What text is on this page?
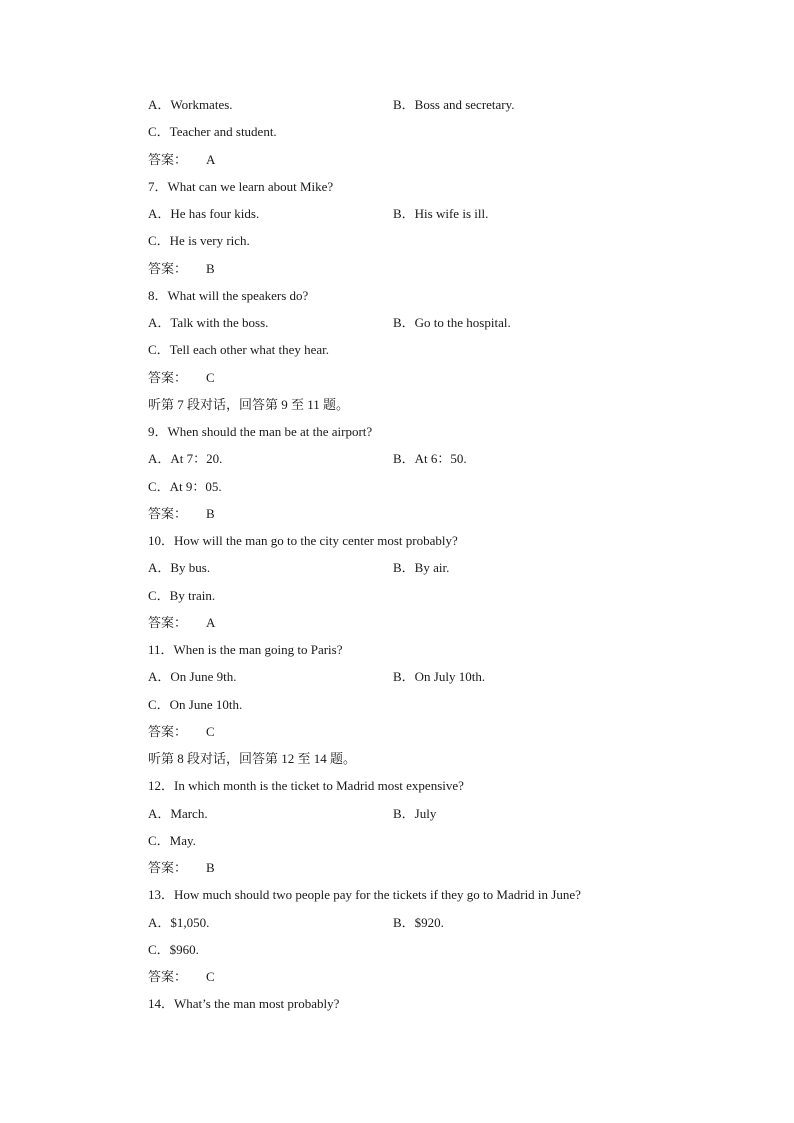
A．Workmates.	B．Boss and secretary.
C．Teacher and student.
答案： A
7．What can we learn about Mike?
A．He has four kids.	B．His wife is ill.
C．He is very rich.
答案： B
8．What will the speakers do?
A．Talk with the boss.	B．Go to the hospital.
C．Tell each other what they hear.
答案： C
听第 7 段对话，回答第 9 至 11 题。
9．When should the man be at the airport?
A．At 7：20.	B．At 6：50.
C．At 9：05.
答案： B
10．How will the man go to the city center most probably?
A．By bus.	B．By air.
C．By train.
答案： A
11．When is the man going to Paris?
A．On June 9th.	B．On July 10th.
C．On June 10th.
答案： C
听第 8 段对话，回答第 12 至 14 题。
12．In which month is the ticket to Madrid most expensive?
A．March.	B．July
C．May.
答案： B
13．How much should two people pay for the tickets if they go to Madrid in June?
A．$1,050.	B．$920.
C．$960.
答案： C
14．What’s the man most probably?
